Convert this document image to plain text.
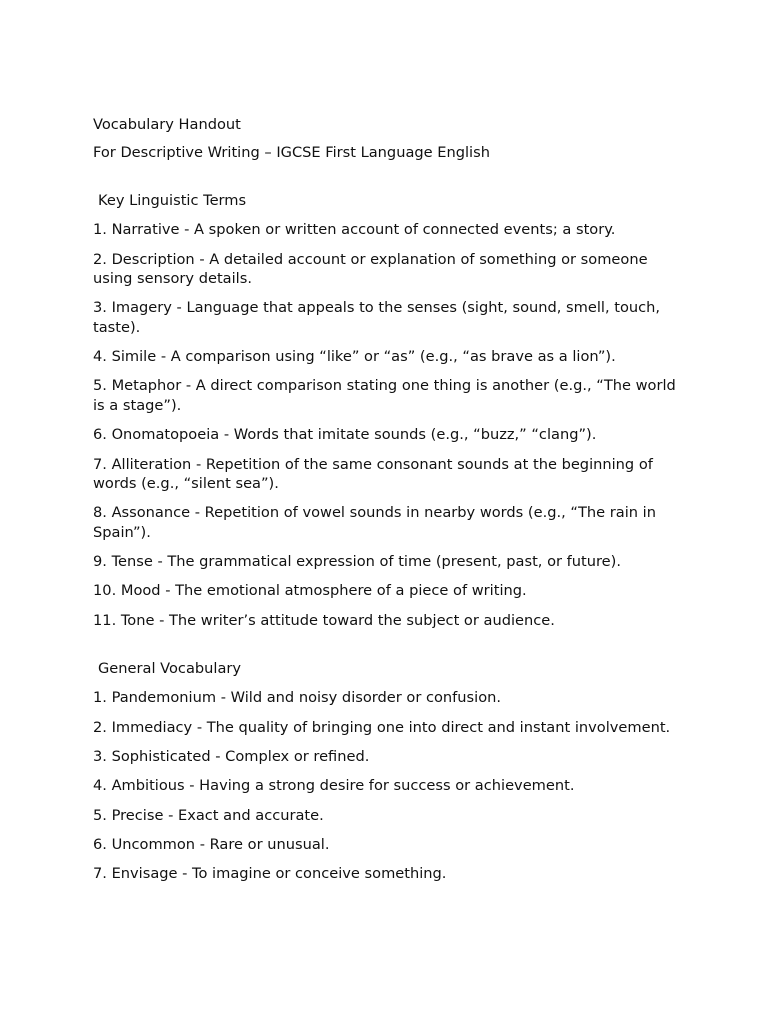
Vocabulary Handout
For Descriptive Writing – IGCSE First Language English
Key Linguistic Terms
1. Narrative - A spoken or written account of connected events; a story.
2. Description - A detailed account or explanation of something or someone using sensory details.
3. Imagery - Language that appeals to the senses (sight, sound, smell, touch, taste).
4. Simile - A comparison using “like” or “as” (e.g., “as brave as a lion”).
5. Metaphor - A direct comparison stating one thing is another (e.g., “The world is a stage”).
6. Onomatopoeia - Words that imitate sounds (e.g., “buzz,” “clang”).
7. Alliteration - Repetition of the same consonant sounds at the beginning of words (e.g., “silent sea”).
8. Assonance - Repetition of vowel sounds in nearby words (e.g., “The rain in Spain”).
9. Tense - The grammatical expression of time (present, past, or future).
10. Mood - The emotional atmosphere of a piece of writing.
11. Tone - The writer’s attitude toward the subject or audience.
General Vocabulary
1. Pandemonium - Wild and noisy disorder or confusion.
2. Immediacy - The quality of bringing one into direct and instant involvement.
3. Sophisticated - Complex or refined.
4. Ambitious - Having a strong desire for success or achievement.
5. Precise - Exact and accurate.
6. Uncommon - Rare or unusual.
7. Envisage - To imagine or conceive something.
